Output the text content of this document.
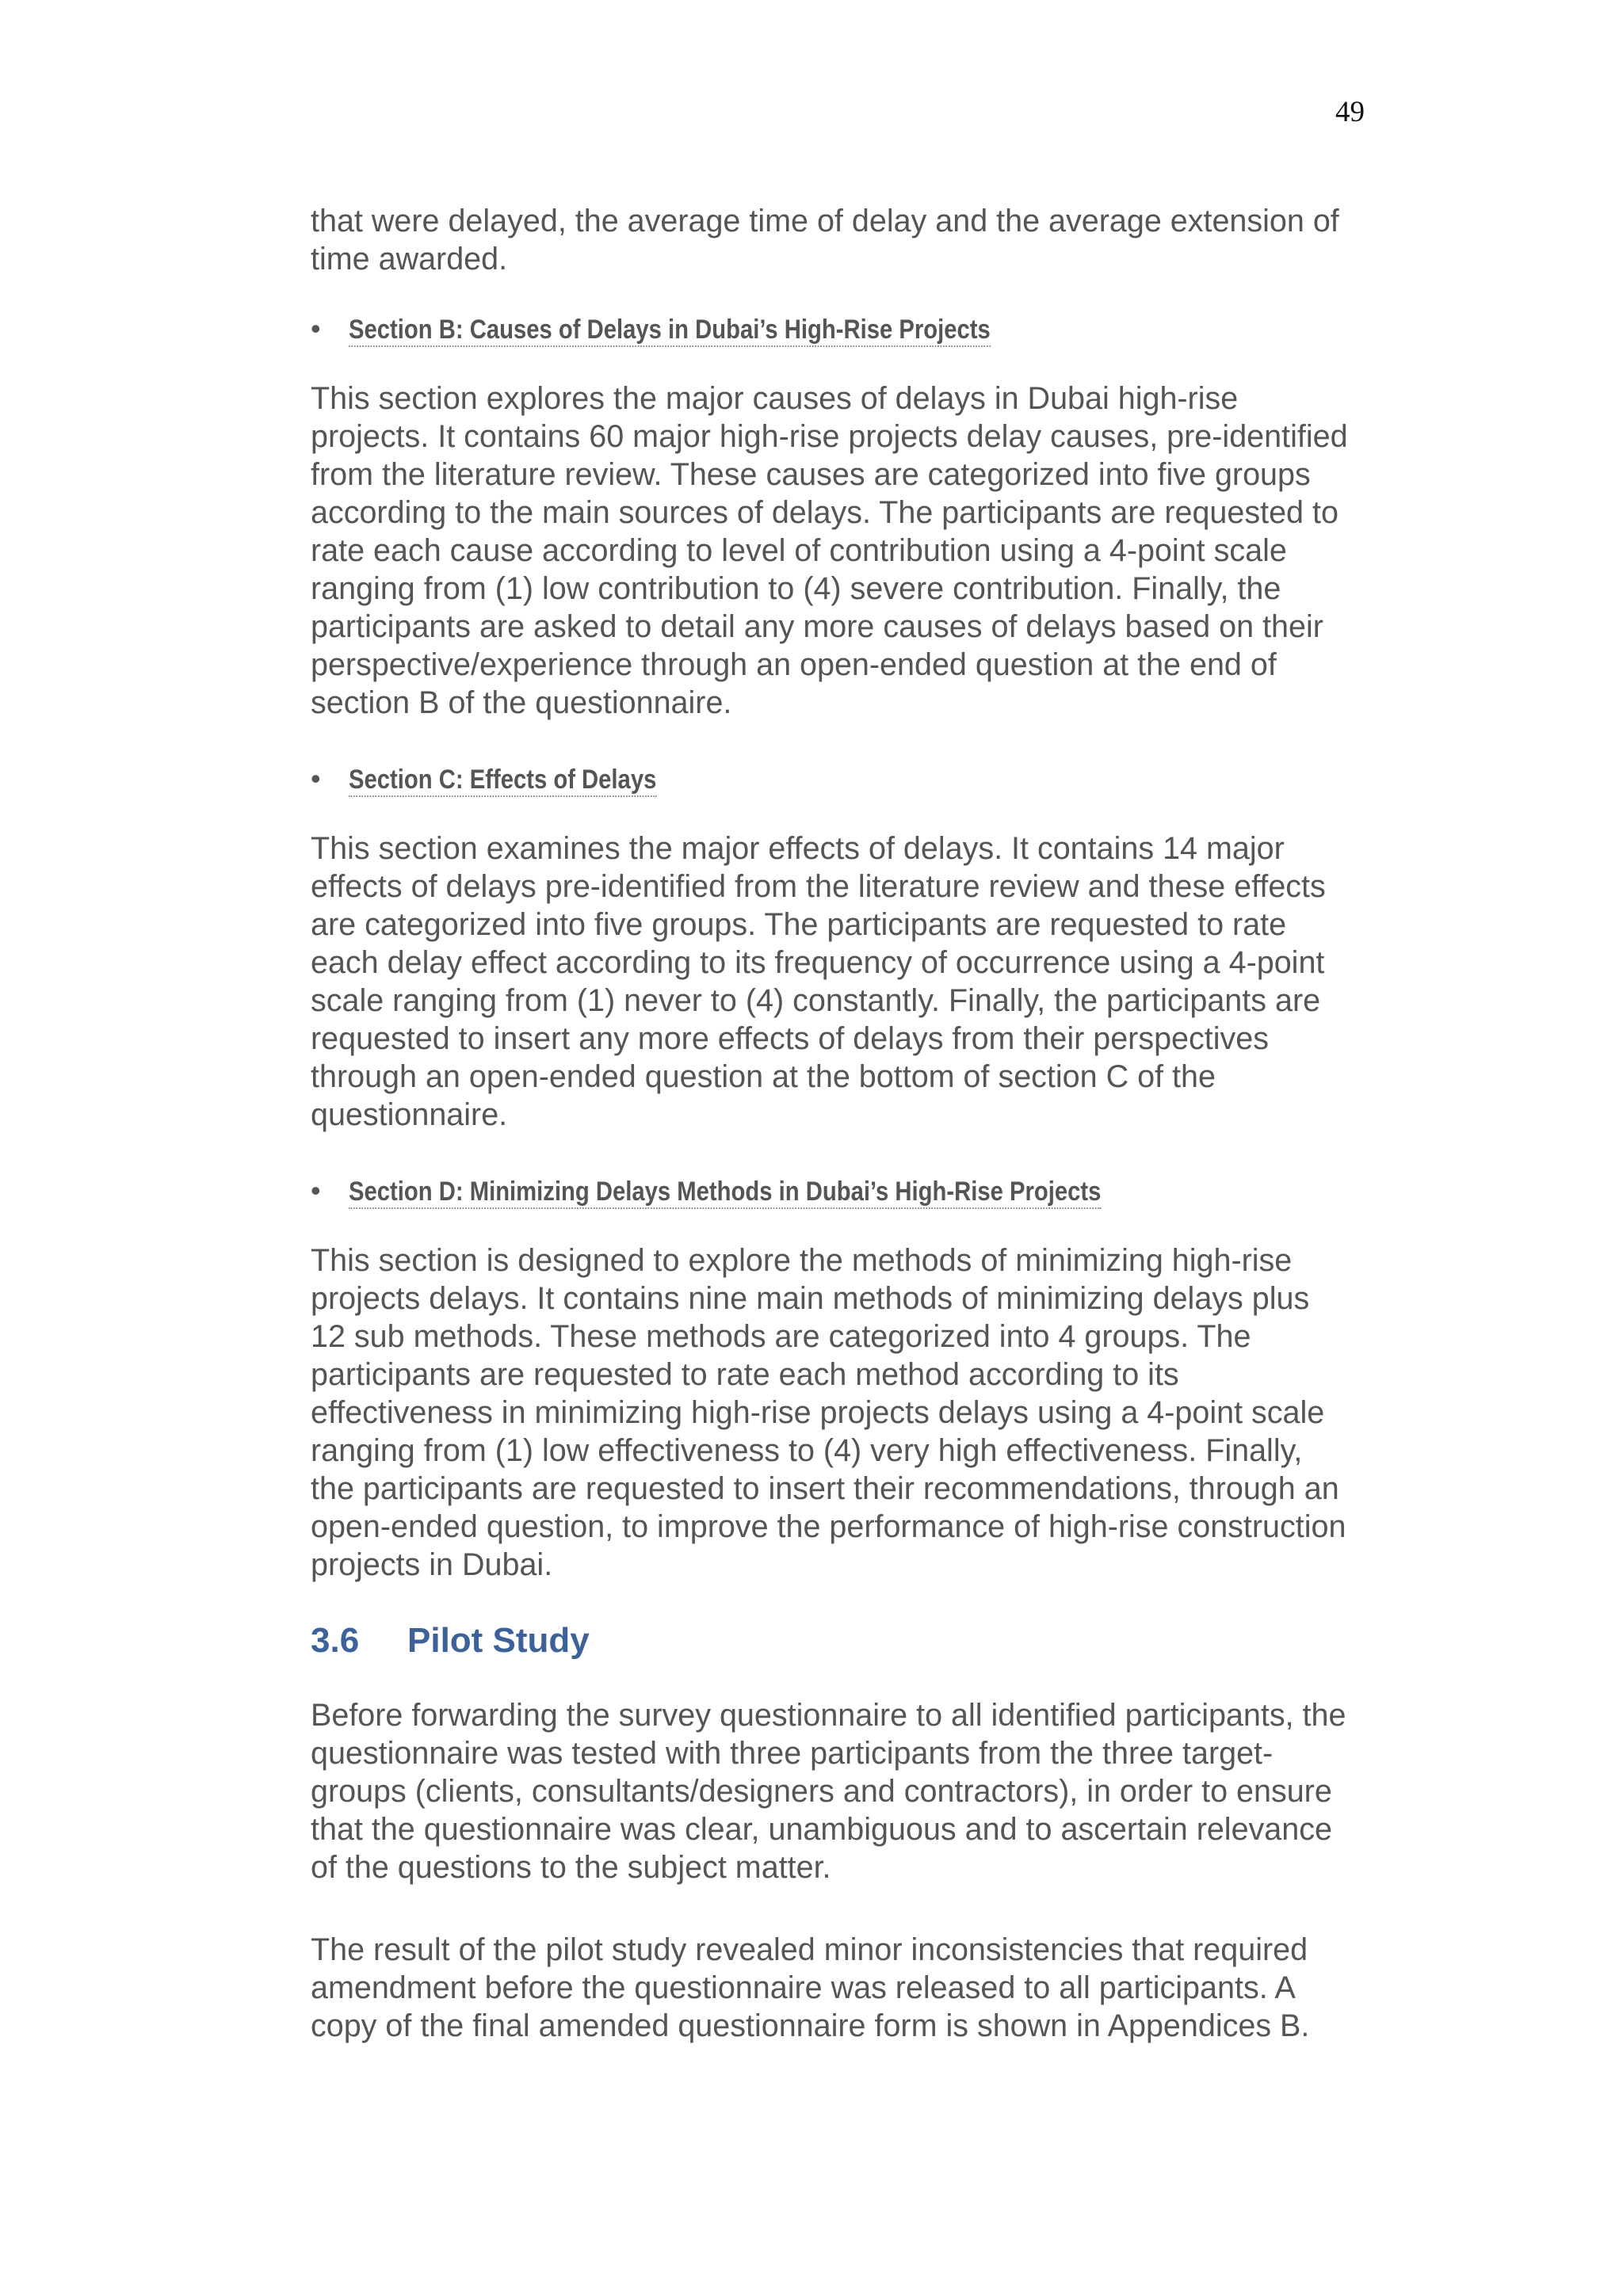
49

that were delayed, the average time of delay and the average extension of
time awarded.

• Section B: Causes of Delays in Dubai’s High-Rise Projects

This section explores the major causes of delays in Dubai high-rise
projects. It contains 60 major high-rise projects delay causes, pre-identified
from the literature review. These causes are categorized into five groups
according to the main sources of delays. The participants are requested to
rate each cause according to level of contribution using a 4-point scale
ranging from (1) low contribution to (4) severe contribution. Finally, the
participants are asked to detail any more causes of delays based on their
perspective/experience through an open-ended question at the end of
section B of the questionnaire.

• Section C: Effects of Delays

This section examines the major effects of delays. It contains 14 major
effects of delays pre-identified from the literature review and these effects
are categorized into five groups. The participants are requested to rate
each delay effect according to its frequency of occurrence using a 4-point
scale ranging from (1) never to (4) constantly. Finally, the participants are
requested to insert any more effects of delays from their perspectives
through an open-ended question at the bottom of section C of the
questionnaire.

• Section D: Minimizing Delays Methods in Dubai’s High-Rise Projects

This section is designed to explore the methods of minimizing high-rise
projects delays. It contains nine main methods of minimizing delays plus
12 sub methods. These methods are categorized into 4 groups. The
participants are requested to rate each method according to its
effectiveness in minimizing high-rise projects delays using a 4-point scale
ranging from (1) low effectiveness to (4) very high effectiveness. Finally,
the participants are requested to insert their recommendations, through an
open-ended question, to improve the performance of high-rise construction
projects in Dubai.

3.6 Pilot Study

Before forwarding the survey questionnaire to all identified participants, the
questionnaire was tested with three participants from the three target-
groups (clients, consultants/designers and contractors), in order to ensure
that the questionnaire was clear, unambiguous and to ascertain relevance
of the questions to the subject matter.

The result of the pilot study revealed minor inconsistencies that required
amendment before the questionnaire was released to all participants. A
copy of the final amended questionnaire form is shown in Appendices B.
